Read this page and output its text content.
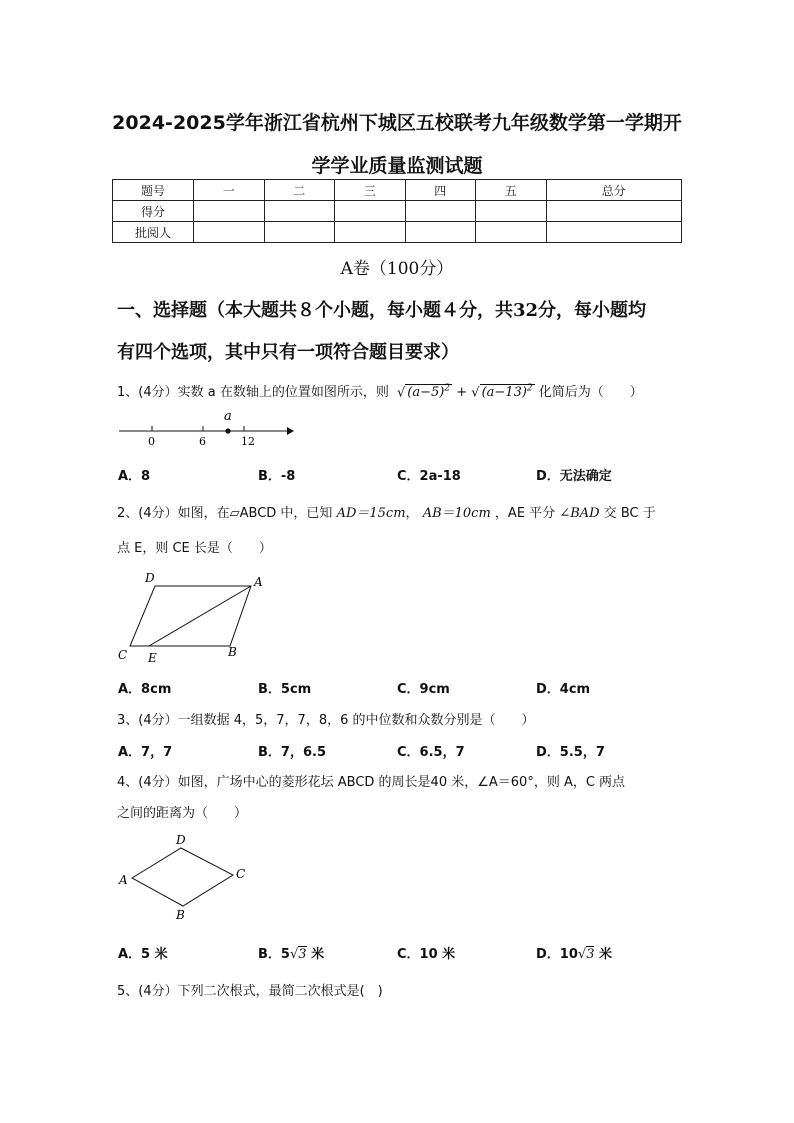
2024-2025学年浙江省杭州下城区五校联考九年级数学第一学期开
学学业质量监测试题
题号	一	二	三	四	五	总分
得分						
批阅人						
A卷（100分）
一、选择题（本大题共８个小题，每小题４分，共32分，每小题均
有四个选项，其中只有一项符合题目要求）
1、(4分）实数 a 在数轴上的位置如图所示，则 √ $(a-5)^2$ + √ $(a-13)^2$ 化简后为（　　）
a
0	6	12
A．8	B．-8	C．2a-18	D．无法确定
2、(4分）如图，在▱ABCD 中，已知 AD＝15cm， AB＝10cm ，AE 平分 ∠BAD 交 BC 于
点 E，则 CE 长是（　　）
D	A
C E	B
A．8cm	B．5cm	C．9cm	D．4cm
3、(4分）一组数据 4，5，7，7，8，6 的中位数和众数分别是（　　）
A．7，7	B．7，6.5	C．6.5，7	D．5.5，7
4、(4分）如图，广场中心的菱形花坛 ABCD 的周长是40 米，∠A＝60°，则 A，C 两点
之间的距离为（　　）
D
A	C
B
A．5 米	B．5√3 米	C．10 米	D．10√3 米
5、(4分）下列二次根式，最简二次根式是(　)
